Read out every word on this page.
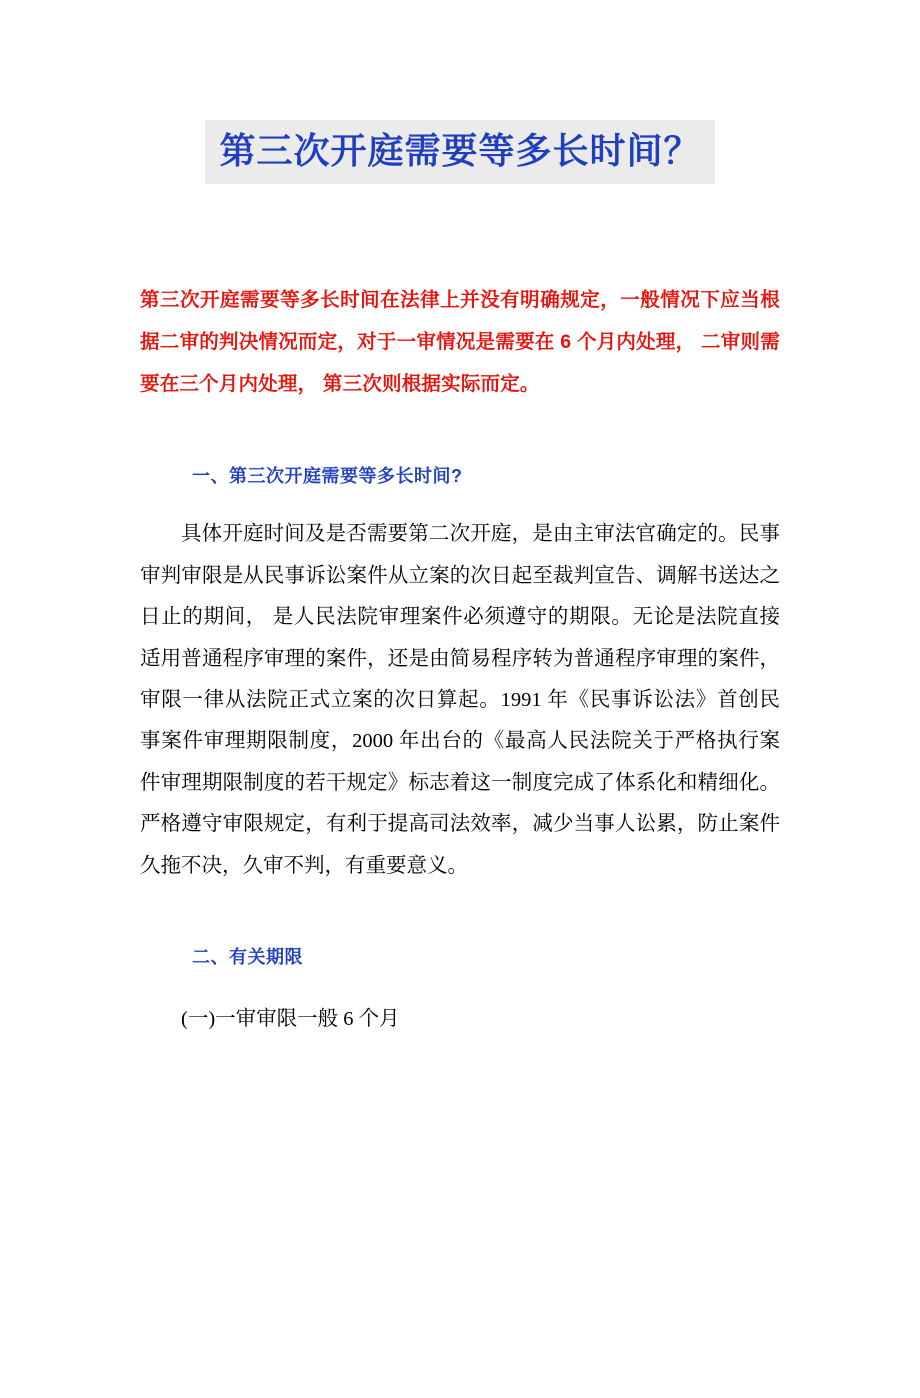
第三次开庭需要等多长时间？

第三次开庭需要等多长时间在法律上并没有明确规定，一般情况下应当根据二审的判决情况而定，对于一审情况是需要在 6 个月内处理， 二审则需要在三个月内处理， 第三次则根据实际而定。

一、第三次开庭需要等多长时间?

具体开庭时间及是否需要第二次开庭，是由主审法官确定的。民事审判审限是从民事诉讼案件从立案的次日起至裁判宣告、调解书送达之日止的期间， 是人民法院审理案件必须遵守的期限。无论是法院直接适用普通程序审理的案件，还是由简易程序转为普通程序审理的案件， 审限一律从法院正式立案的次日算起。1991 年《民事诉讼法》首创民事案件审理期限制度，2000 年出台的《最高人民法院关于严格执行案件审理期限制度的若干规定》标志着这一制度完成了体系化和精细化。严格遵守审限规定，有利于提高司法效率，减少当事人讼累，防止案件久拖不决，久审不判，有重要意义。

二、有关期限

(一)一审审限一般 6 个月
